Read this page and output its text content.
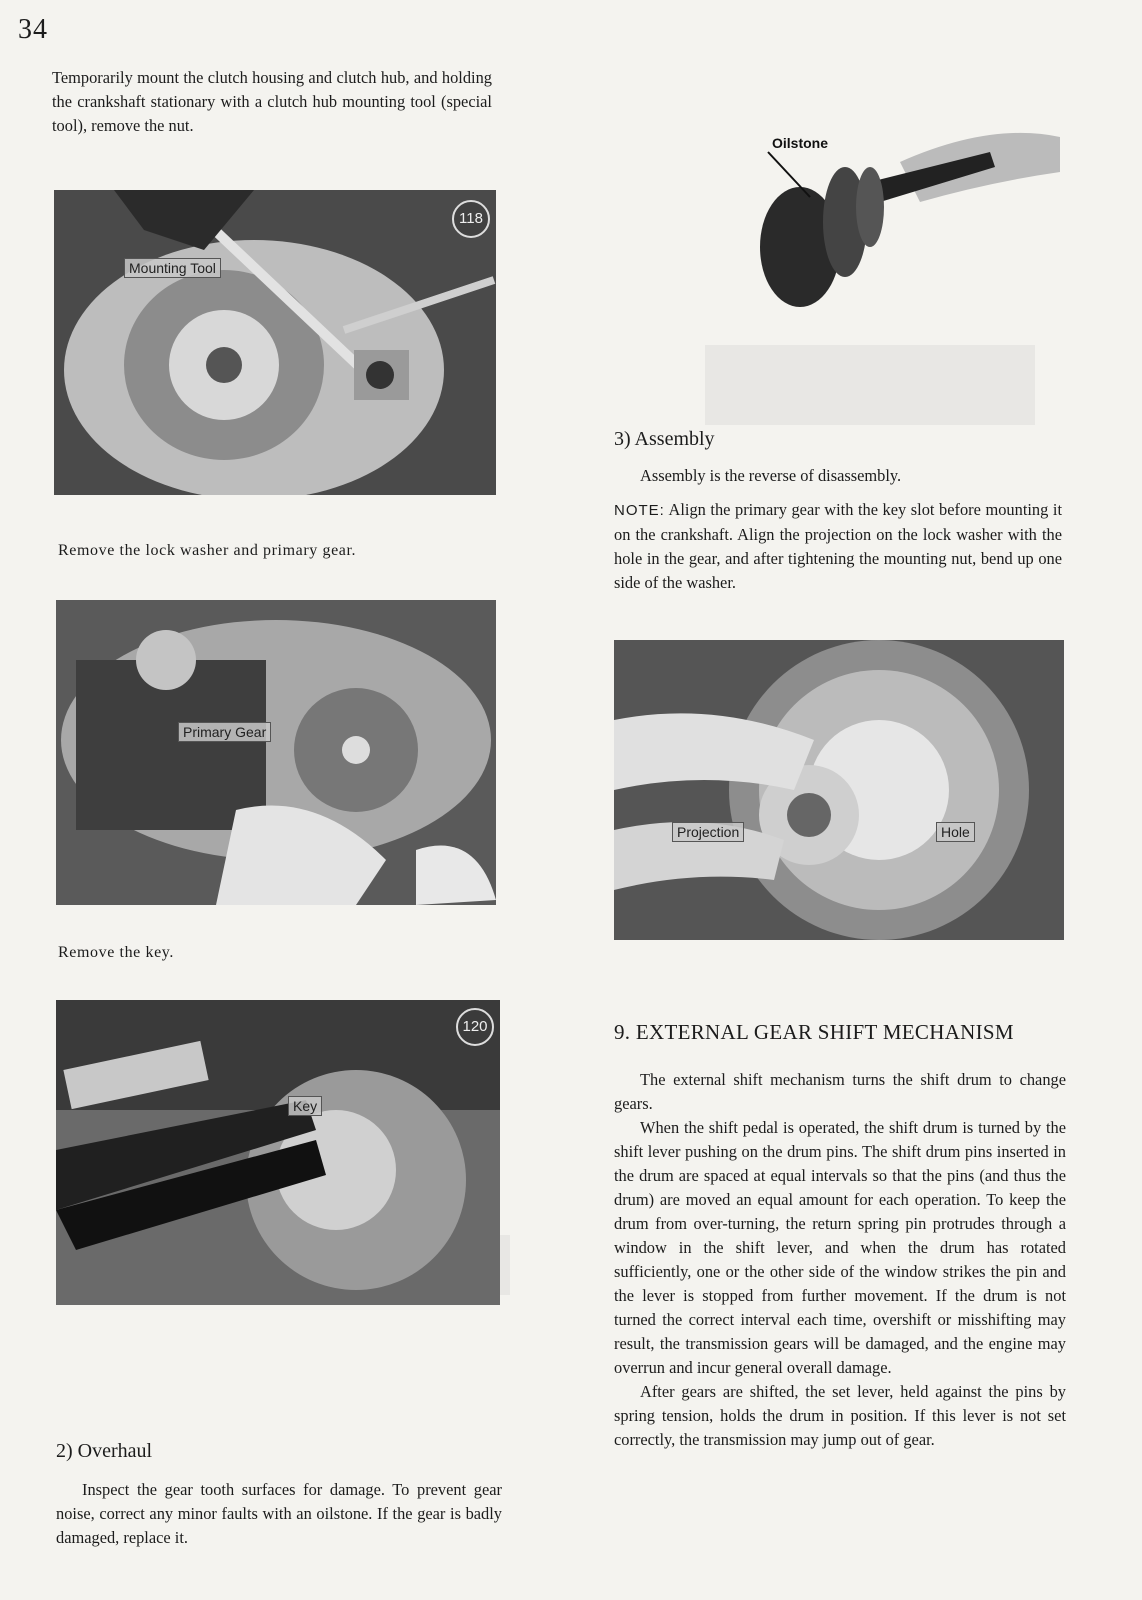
34

Temporarily mount the clutch housing and clutch hub, and holding the crankshaft stationary with a clutch hub mounting tool (special tool), remove the nut.

Mounting Tool
118
Remove the lock washer and primary gear.
Primary Gear
Remove the key.
Key
120
2) Overhaul

Inspect the gear tooth surfaces for damage. To prevent gear noise, correct any minor faults with an oilstone. If the gear is badly damaged, replace it.

Oilstone
3) Assembly

Assembly is the reverse of disassembly.

NOTE: Align the primary gear with the key slot before mounting it on the crankshaft. Align the projection on the lock washer with the hole in the gear, and after tightening the mounting nut, bend up one side of the washer.

Projection	Hole
9. EXTERNAL GEAR SHIFT MECHANISM

The external shift mechanism turns the shift drum to change gears.

When the shift pedal is operated, the shift drum is turned by the shift lever pushing on the drum pins. The shift drum pins inserted in the drum are spaced at equal intervals so that the pins (and thus the drum) are moved an equal amount for each operation. To keep the drum from over-turning, the return spring pin protrudes through a window in the shift lever, and when the drum has rotated sufficiently, one or the other side of the window strikes the pin and the lever is stopped from further movement. If the drum is not turned the correct interval each time, overshift or misshifting may result, the transmission gears will be damaged, and the engine may overrun and incur general overall damage.

After gears are shifted, the set lever, held against the pins by spring tension, holds the drum in position. If this lever is not set correctly, the transmission may jump out of gear.
